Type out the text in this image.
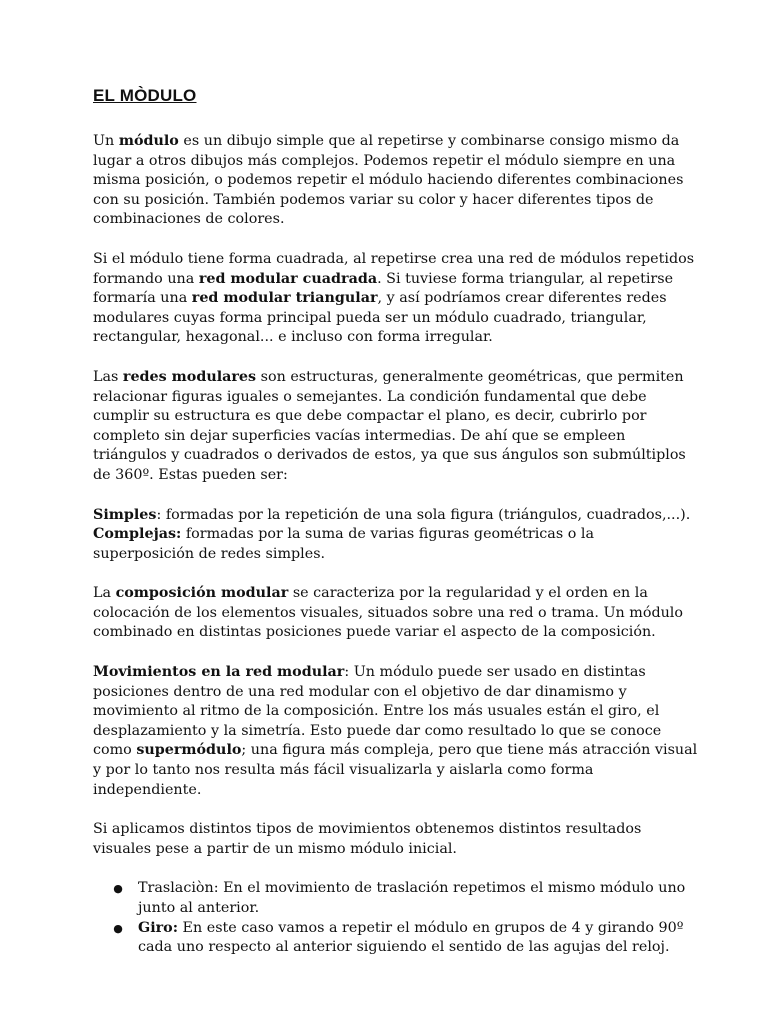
EL MÒDULO

Un módulo es un dibujo simple que al repetirse y combinarse consigo mismo da lugar a otros dibujos más complejos. Podemos repetir el módulo siempre en una misma posición, o podemos repetir el módulo haciendo diferentes combinaciones con su posición. También podemos variar su color y hacer diferentes tipos de combinaciones de colores.

Si el módulo tiene forma cuadrada, al repetirse crea una red de módulos repetidos formando una red modular cuadrada. Si tuviese forma triangular, al repetirse formaría una red modular triangular, y así podríamos crear diferentes redes modulares cuyas forma principal pueda ser un módulo cuadrado, triangular, rectangular, hexagonal... e incluso con forma irregular.

Las redes modulares son estructuras, generalmente geométricas, que permiten relacionar figuras iguales o semejantes. La condición fundamental que debe cumplir su estructura es que debe compactar el plano, es decir, cubrirlo por completo sin dejar superficies vacías intermedias. De ahí que se empleen triángulos y cuadrados o derivados de estos, ya que sus ángulos son submúltiplos de 360º. Estas pueden ser:

Simples: formadas por la repetición de una sola figura (triángulos, cuadrados,...).
Complejas: formadas por la suma de varias figuras geométricas o la superposición de redes simples.

La composición modular se caracteriza por la regularidad y el orden en la colocación de los elementos visuales, situados sobre una red o trama. Un módulo combinado en distintas posiciones puede variar el aspecto de la composición.

Movimientos en la red modular: Un módulo puede ser usado en distintas posiciones dentro de una red modular con el objetivo de dar dinamismo y movimiento al ritmo de la composición. Entre los más usuales están el giro, el desplazamiento y la simetría. Esto puede dar como resultado lo que se conoce como supermódulo; una figura más compleja, pero que tiene más atracción visual y por lo tanto nos resulta más fácil visualizarla y aislarla como forma independiente.

Si aplicamos distintos tipos de movimientos obtenemos distintos resultados visuales pese a partir de un mismo módulo inicial.

● Traslaciòn: En el movimiento de traslación repetimos el mismo módulo uno junto al anterior.
● Giro: En este caso vamos a repetir el módulo en grupos de 4 y girando 90º cada uno respecto al anterior siguiendo el sentido de las agujas del reloj.
